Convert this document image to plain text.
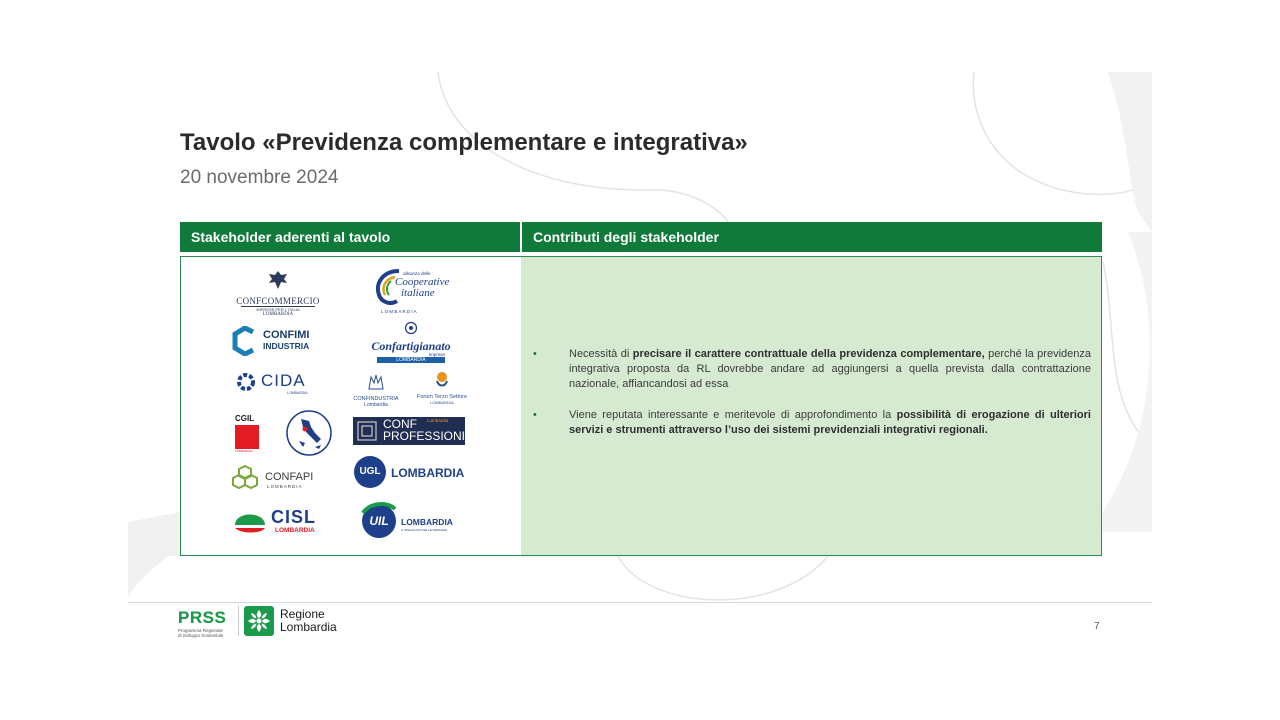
Tavolo «Previdenza complementare e integrativa»
20 novembre 2024
Stakeholder aderenti al tavolo	Contributi degli stakeholder
CONFCOMMERCIO
IMPRESE PER L'ITALIA
LOMBARDIA
alleanza delle
Cooperative
italiane
L O M B A R D I A
CONFIMI
INDUSTRIA	Confartigianato
Imprese
LOMBARDIA
CIDA
LOMBARDIA
CONFINDUSTRIA
Lombardia
Forum Terzo Settore
LOMBARDIA
CGIL
LOMBARDIA
CONF Lombardia
PROFESSIONI
CONFAPI
LOMBARDIA
UGL LOMBARDIA
CISL
LOMBARDIA
UIL	LOMBARDIA
IL SINDACATO DELLE PERSONE
•	Necessità di precisare il carattere contrattuale della previdenza complementare, perché la previdenza integrativa proposta da RL dovrebbe andare ad aggiungersi a quella prevista dalla contrattazione nazionale, affiancandosi ad essa
•	Viene reputata interessante e meritevole di approfondimento la possibilità di erogazione di ulteriori servizi e strumenti attraverso l’uso dei sistemi previdenziali integrativi regionali.
PRSS
Programma Regionale
di Sviluppo Sostenibile
Regione
Lombardia	7
